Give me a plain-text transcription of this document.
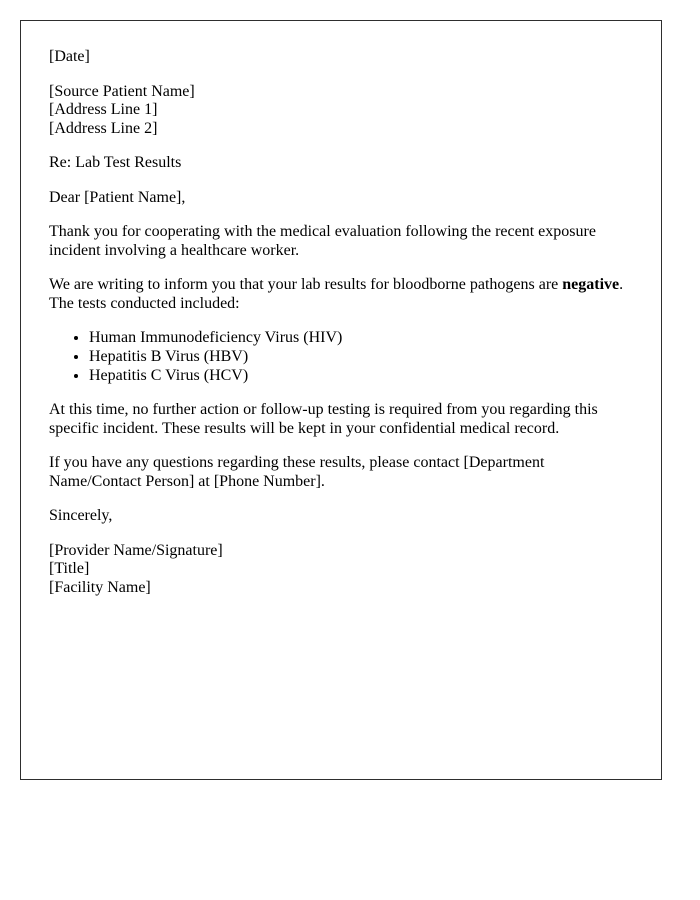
[Date]

[Source Patient Name]
[Address Line 1]
[Address Line 2]

Re: Lab Test Results

Dear [Patient Name],

Thank you for cooperating with the medical evaluation following the recent exposure incident involving a healthcare worker.

We are writing to inform you that your lab results for bloodborne pathogens are negative. The tests conducted included:

• Human Immunodeficiency Virus (HIV)
• Hepatitis B Virus (HBV)
• Hepatitis C Virus (HCV)

At this time, no further action or follow-up testing is required from you regarding this specific incident. These results will be kept in your confidential medical record.

If you have any questions regarding these results, please contact [Department Name/Contact Person] at [Phone Number].

Sincerely,

[Provider Name/Signature]
[Title]
[Facility Name]
